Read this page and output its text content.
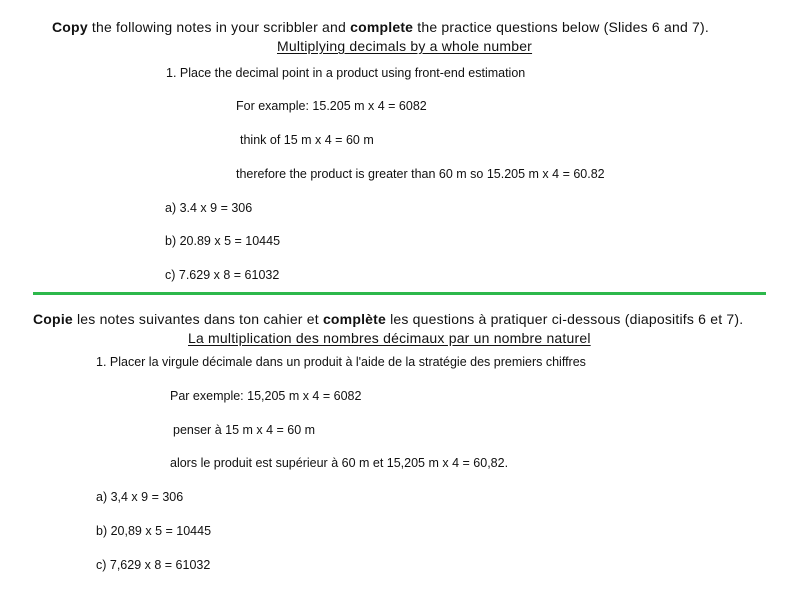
Copy the following notes in your scribbler and complete the practice questions below (Slides 6 and 7).
Multiplying decimals by a whole number
1. Place the decimal point in a product using front-end estimation
For example: 15.205 m x 4 = 6082
think of 15 m x 4 = 60 m
therefore the product is greater than 60 m so 15.205 m x 4 = 60.82
a) 3.4 x 9 = 306
b) 20.89 x 5 = 10445
c) 7.629 x 8 = 61032
Copie les notes suivantes dans ton cahier et complète les questions à pratiquer ci-dessous (diapositifs 6 et 7).
La multiplication des nombres décimaux par un nombre naturel
1. Placer la virgule décimale dans un produit à l'aide de la stratégie des premiers chiffres
Par exemple: 15,205 m x 4 = 6082
penser à 15 m x 4 = 60 m
alors le produit est supérieur à 60 m et 15,205 m x 4 = 60,82.
a) 3,4 x 9 = 306
b) 20,89 x 5 = 10445
c) 7,629 x 8 = 61032
